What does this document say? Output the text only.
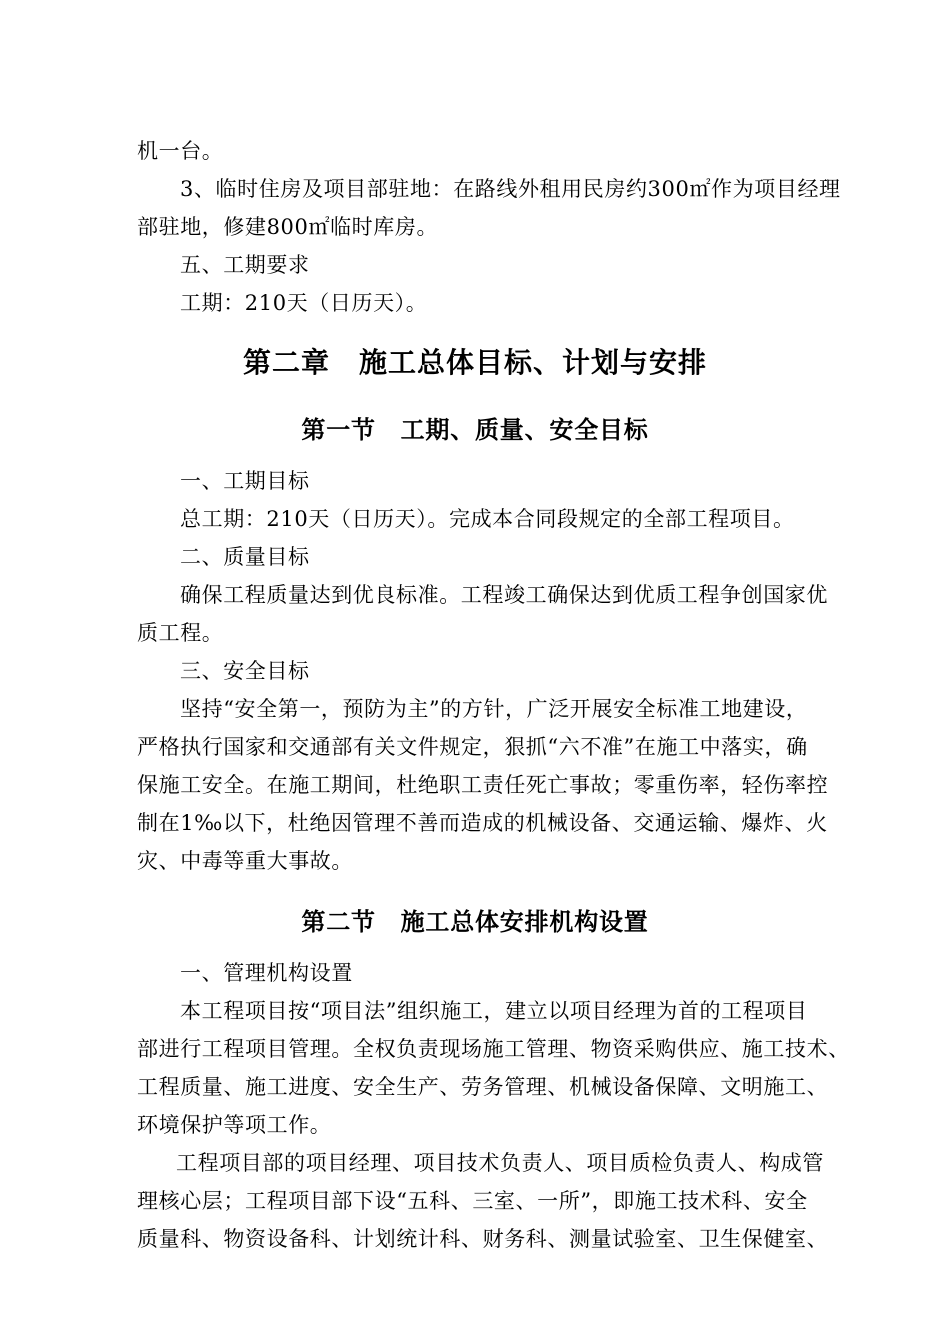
机一台。
3、临时住房及项目部驻地：在路线外租用民房约300㎡作为项目经理
部驻地，修建800㎡临时库房。
五、工期要求
工期：210天（日历天）。
第二章　施工总体目标、计划与安排
第一节　工期、质量、安全目标
一、工期目标
总工期：210天（日历天）。完成本合同段规定的全部工程项目。
二、质量目标
确保工程质量达到优良标准。工程竣工确保达到优质工程争创国家优
质工程。
三、安全目标
坚持“安全第一，预防为主”的方针，广泛开展安全标准工地建设，
严格执行国家和交通部有关文件规定，狠抓“六不准”在施工中落实，确
保施工安全。在施工期间，杜绝职工责任死亡事故；零重伤率，轻伤率控
制在1‰以下，杜绝因管理不善而造成的机械设备、交通运输、爆炸、火
灾、中毒等重大事故。
第二节　施工总体安排机构设置
一、管理机构设置
本工程项目按“项目法”组织施工，建立以项目经理为首的工程项目
部进行工程项目管理。全权负责现场施工管理、物资采购供应、施工技术、
工程质量、施工进度、安全生产、劳务管理、机械设备保障、文明施工、
环境保护等项工作。
工程项目部的项目经理、项目技术负责人、项目质检负责人、构成管
理核心层；工程项目部下设“五科、三室、一所”，即施工技术科、安全
质量科、物资设备科、计划统计科、财务科、测量试验室、卫生保健室、
